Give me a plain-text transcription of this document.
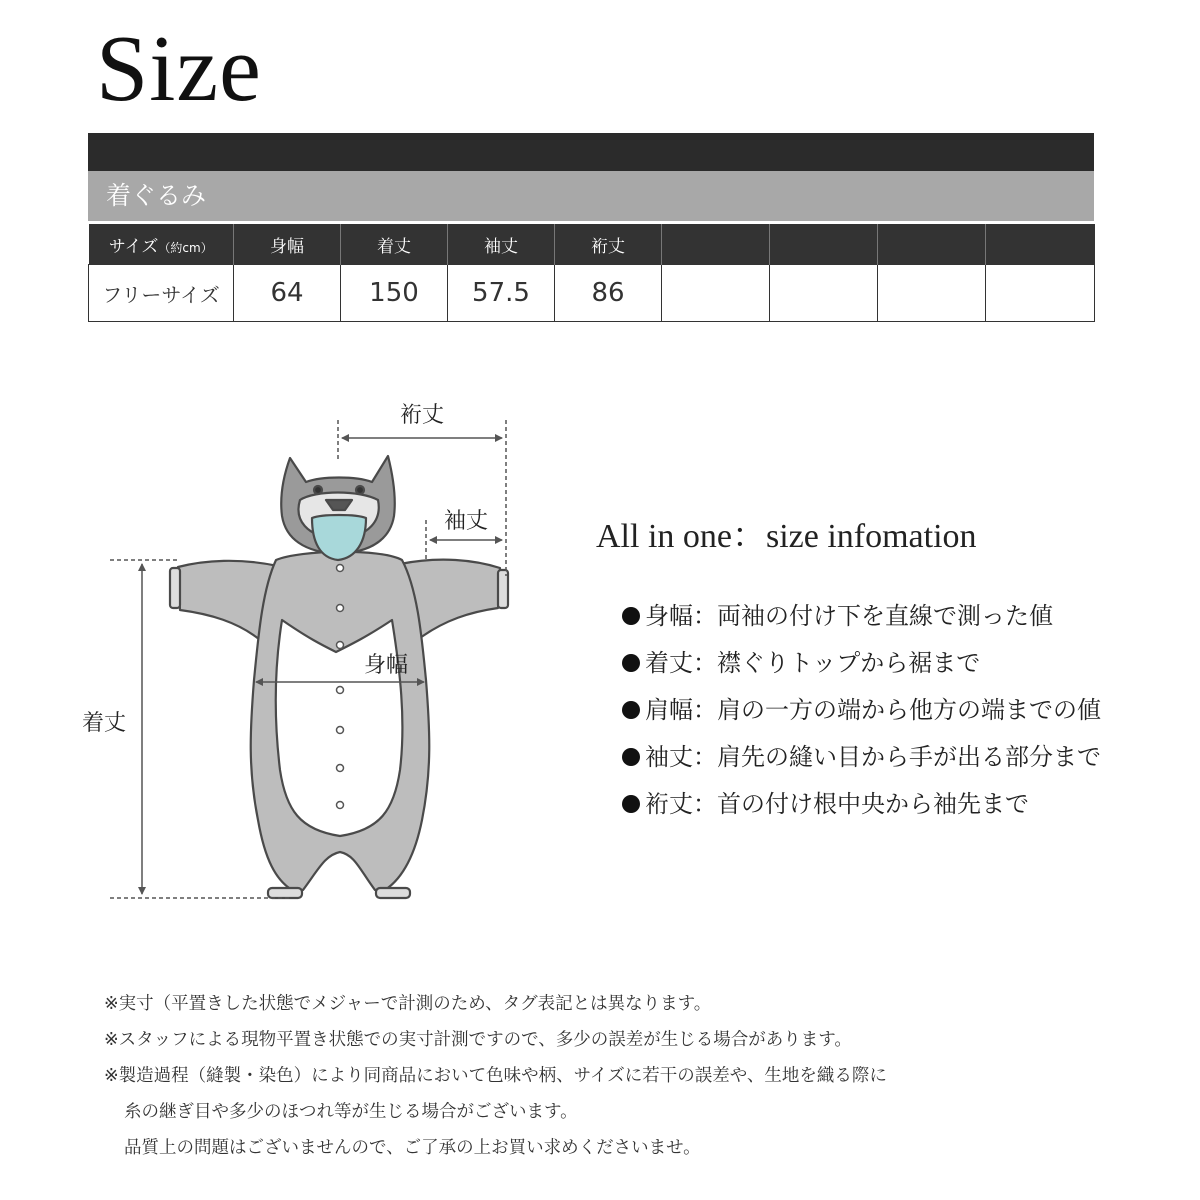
Size
着ぐるみ
サイズ（約cm）	身幅	着丈	袖丈	裄丈				
フリーサイズ	64	150	57.5	86				
裄丈
袖丈
身幅
着丈
All in one：size infomation
身幅：両袖の付け下を直線で測った値
着丈：襟ぐりトップから裾まで
肩幅：肩の一方の端から他方の端までの値
袖丈：肩先の縫い目から手が出る部分まで
裄丈：首の付け根中央から袖先まで
※実寸（平置きした状態でメジャーで計測のため、タグ表記とは異なります。
※スタッフによる現物平置き状態での実寸計測ですので、多少の誤差が生じる場合があります。
※製造過程（縫製・染色）により同商品において色味や柄、サイズに若干の誤差や、生地を織る際に
糸の継ぎ目や多少のほつれ等が生じる場合がございます。
品質上の問題はございませんので、ご了承の上お買い求めくださいませ。
